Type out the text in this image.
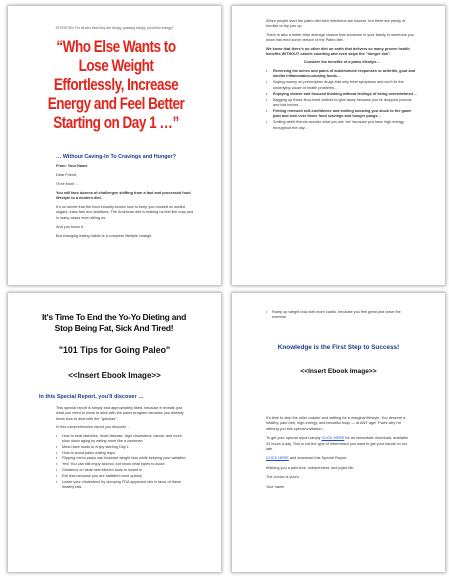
ATTENTION: For all who think they are hungry, gnawing hungry, put all the energy?
“Who Else Wants to Lose Weight Effortlessly, Increase Energy and Feel Better Starting on Day 1 …”
… Without Caving-In To Cravings and Hunger?

From: Your Name

Dear Friend,

I'll be blunt …

You will face dozens of challenges shifting from a fast and processed food lifestyle to a modern diet.

It's no secret that the food industry knows how to keep you hooked on added sugars, trans fats and additives. The American diet is making us feel like crap and in many cases even killing us.

And you know it.

But changing eating habits is a complete lifestyle change.

When people start the paleo diet their intentions are sincere, but there are plenty of hurdles to trip you up.

There is also a better than average chance that someone in your family or someone you know has tried some version of the Paleo diet.

We know that there's no other diet on earth that delivers so many proven health benefits WITHOUT calorie counting and even skips the "hunger lion".

Consider the benefits of a paleo lifestyle…

• Reversing the aches and pains of autoimmune responses or arthritis, gout and similar inflammation-causing foods…
• Saying money on prescription drugs that only treat symptoms and don't fix the underlying cause of health problems…
• Enjoying clearer and focused thinking without feelings of being overwhelmed …
• Bagging up those flour-lined clothes to give away because you've dropped pounds and lost inches…
• Feeling renewed self-confidence and smiling knowing you stuck to the game plan and won over those food cravings and hunger pangs…
• Smiling while friends wonder what you ate 'cet' because you have high energy throughout the day…
It's Time To End the Yo-Yo Dieting and Stop Being Fat, Sick And Tired!
"101 Tips for Going Paleo"
<<Insert Ebook Image>>
In this Special Report, you'll discover …

This special report is simply and appropriately titled, because it reveals just what you need to know to stick with the paleo program because you already know how to deal with the "gotchas".

In this comprehensive report you discover …

• How to beat diabetes, heart disease, high cholesterol, cancer and more slow down aging by eating more like a caveman
• Must-have foods to enjoy starting Day 1
• How to avoid paleo eating traps
• Flipping menu plans can kickstart weight loss while keeping your satisfied
• Yes! You can still enjoy alcohol, but know what types to avoid
• Guidance on what new kitchen tools to invest in
• Eat less because you are satisfied more quickly
• Lower your cholesterol by dumping FDA approved oils in favor of these healthy fats
• Ramp up weight loss with more cardio, because you feel great and crave the exercise
Knowledge is the First Step to Success!
<<Insert Ebook Image>>

It's time to step the roller coaster and settling for a marginal lifestyle. You deserve a healthy, pain-free, high-energy, and beautiful body — at ANY age! That's why I'm offering you this special invitation…

To get your special report simply CLICK HERE for an immediate download, available 24 hours a day. This is not the type of information you want to get your hands on too late.

CLICK HERE and download this Special Report.

Wishing you a pain-free, independent, and joyful life.

The choice is yours,

Your name
